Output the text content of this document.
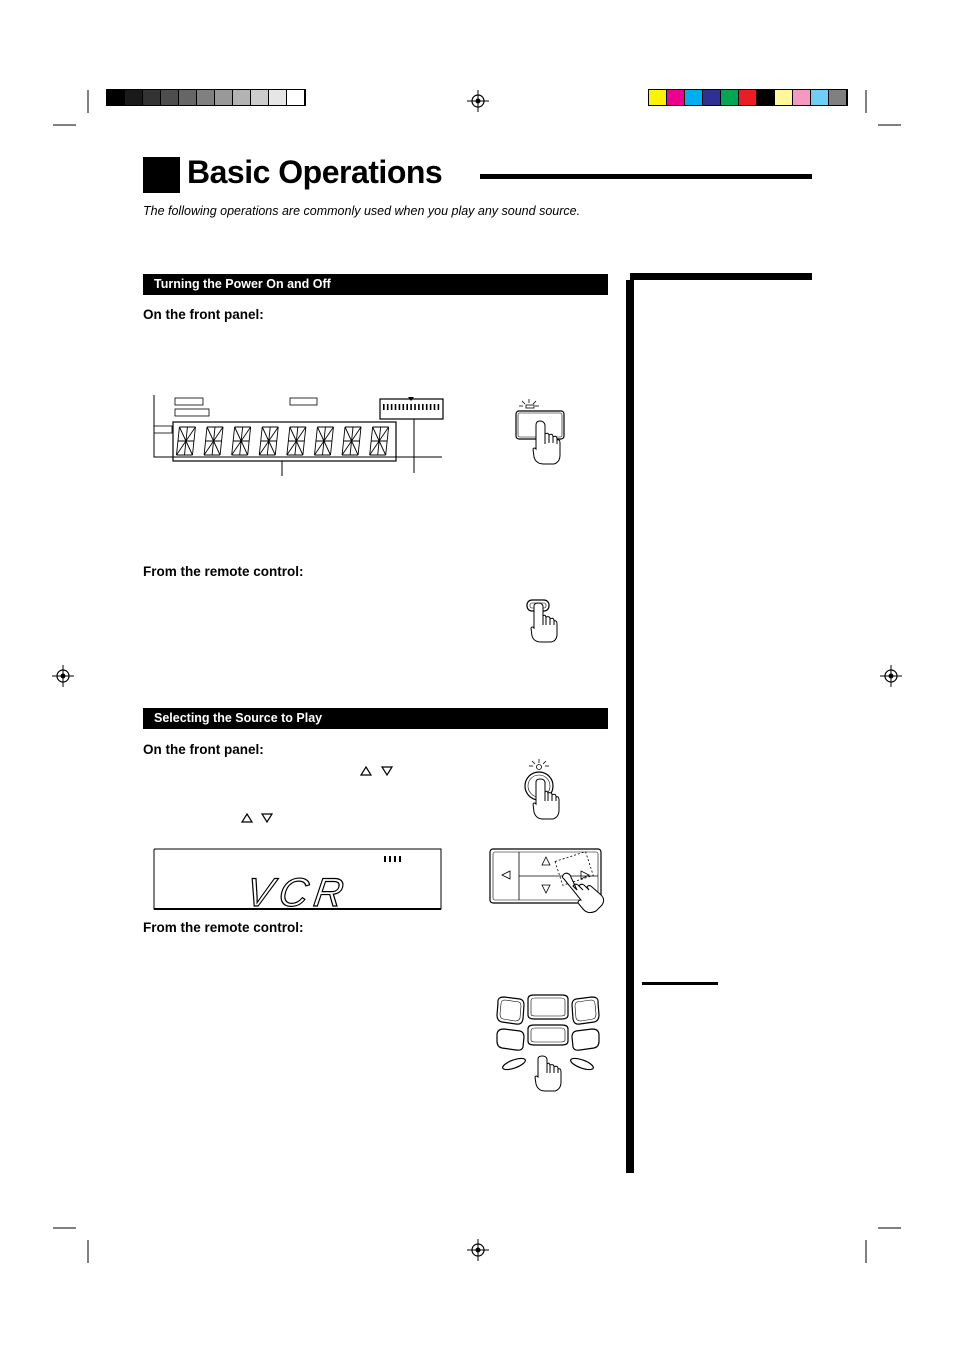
Basic Operations
The following operations are commonly used when you play any sound source.
Turning the Power On and Off
On the front panel:
From the remote control:
Selecting the Source to Play
On the front panel:
VCR
From the remote control:
